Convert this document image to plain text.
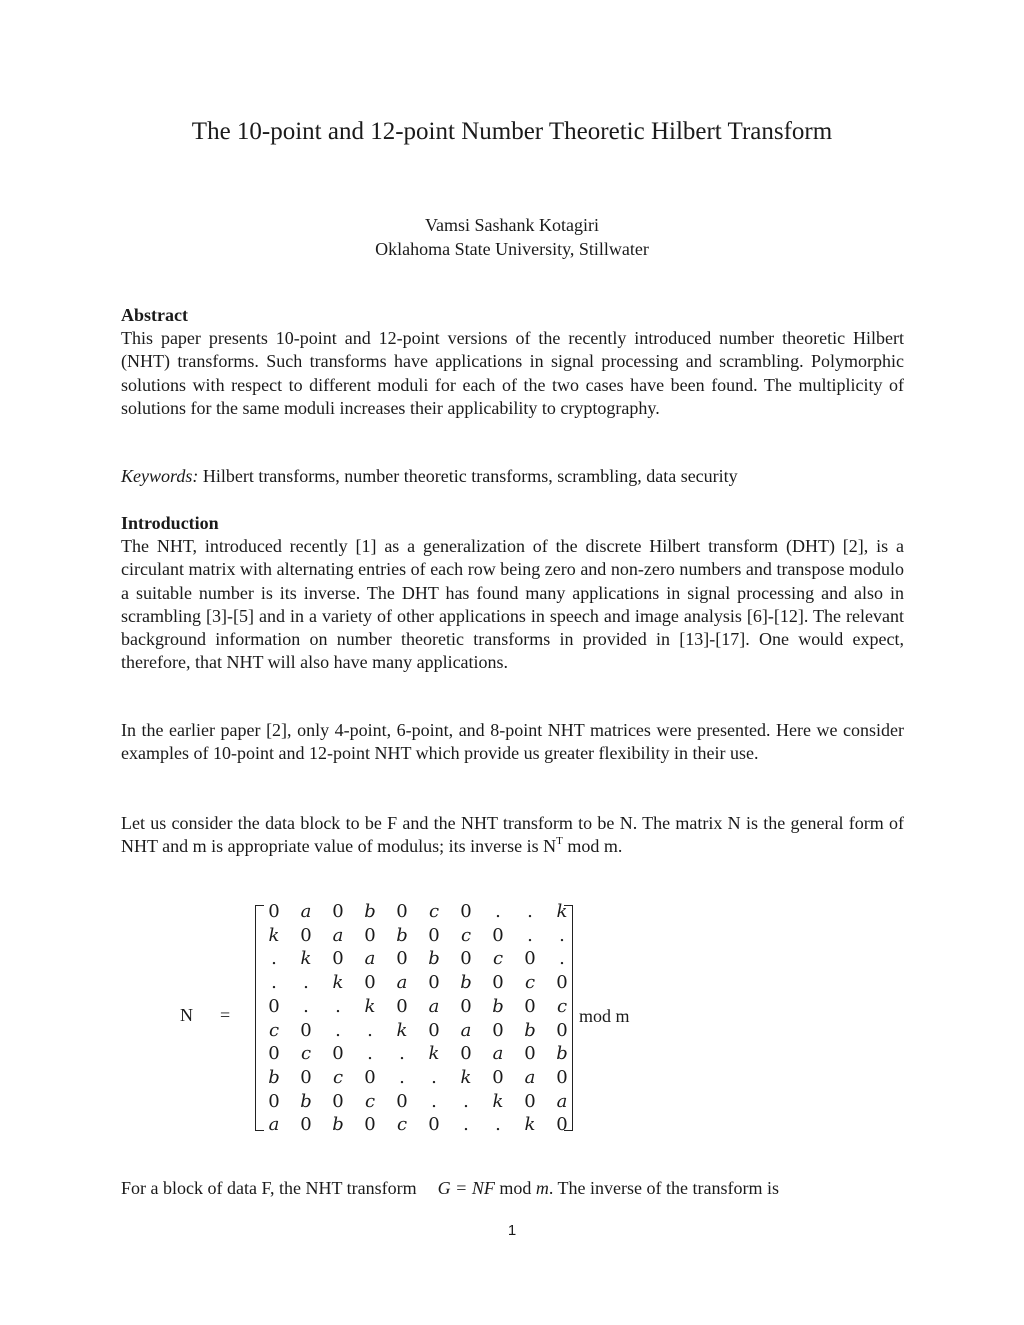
The 10-point and 12-point Number Theoretic Hilbert Transform
Vamsi Sashank Kotagiri
Oklahoma State University, Stillwater
Abstract
This paper presents 10-point and 12-point versions of the recently introduced number theoretic Hilbert (NHT) transforms. Such transforms have applications in signal processing and scrambling. Polymorphic solutions with respect to different moduli for each of the two cases have been found. The multiplicity of solutions for the same moduli increases their applicability to cryptography.
Keywords: Hilbert transforms, number theoretic transforms, scrambling, data security
Introduction
The NHT, introduced recently [1] as a generalization of the discrete Hilbert transform (DHT) [2], is a circulant matrix with alternating entries of each row being zero and non-zero numbers and transpose modulo a suitable number is its inverse. The DHT has found many applications in signal processing and also in scrambling [3]-[5] and in a variety of other applications in speech and image analysis [6]-[12]. The relevant background information on number theoretic transforms in provided in [13]-[17]. One would expect, therefore, that NHT will also have many applications.
In the earlier paper [2], only 4-point, 6-point, and 8-point NHT matrices were presented. Here we consider examples of 10-point and 12-point NHT which provide us greater flexibility in their use.
Let us consider the data block to be F and the NHT transform to be N. The matrix N is the general form of NHT and m is appropriate value of modulus; its inverse is $N^T$ mod m.
N =
0	a	0	b	0	c	0	.	.	k
k	0	a	0	b	0	c	0	.	.
.	k	0	a	0	b	0	c	0	.
.	.	k	0	a	0	b	0	c	0
0	.	.	k	0	a	0	b	0	c
c	0	.	.	k	0	a	0	b	0
0	c	0	.	.	k	0	a	0	b
b	0	c	0	.	.	k	0	a	0
0	b	0	c	0	.	.	k	0	a
a	0	b	0	c	0	.	.	k	0
mod m
For a block of data F, the NHT transform G = NF mod m. The inverse of the transform is
1
